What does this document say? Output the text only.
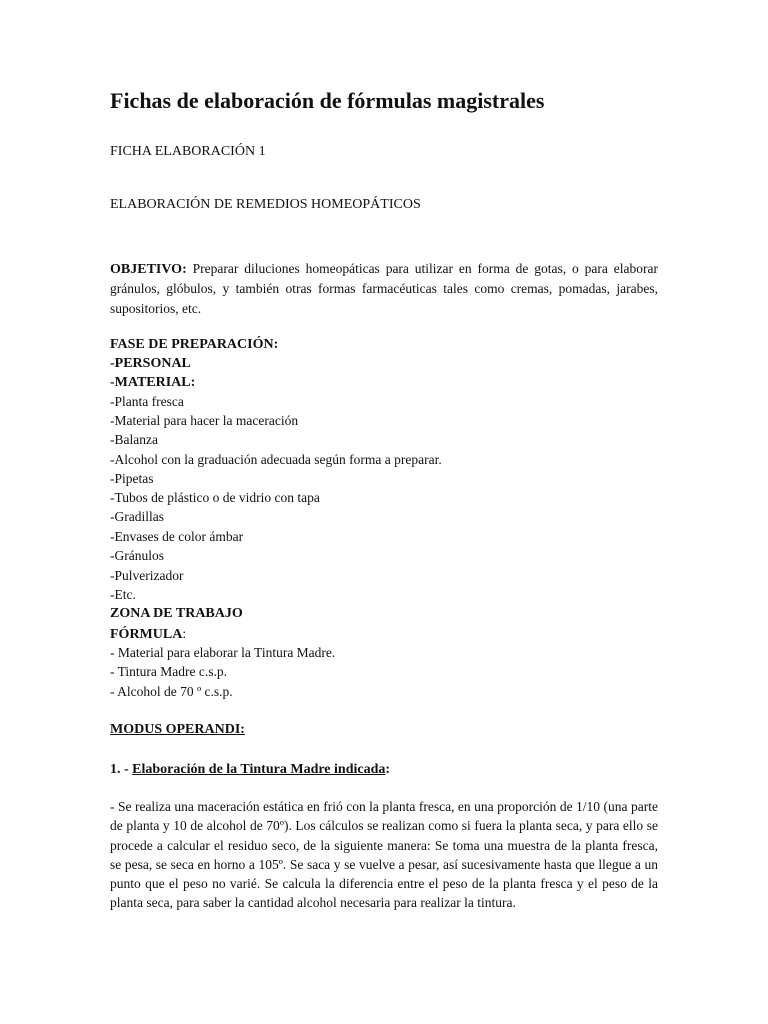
Fichas de elaboración de fórmulas magistrales

FICHA ELABORACIÓN 1

ELABORACIÓN DE REMEDIOS HOMEOPÁTICOS

OBJETIVO: Preparar diluciones homeopáticas para utilizar en forma de gotas, o para elaborar gránulos, glóbulos, y también otras formas farmacéuticas tales como cremas, pomadas, jarabes, supositorios, etc.

FASE DE PREPARACIÓN:

-PERSONAL

-MATERIAL:

-Planta fresca

-Material para hacer la maceración

-Balanza

-Alcohol con la graduación adecuada según forma a preparar.

-Pipetas

-Tubos de plástico o de vidrio con tapa

-Gradillas

-Envases de color ámbar

-Gránulos

-Pulverizador

-Etc.

ZONA DE TRABAJO

FÓRMULA:

- Material para elaborar la Tintura Madre.

- Tintura Madre c.s.p.

- Alcohol de 70 º c.s.p.

MODUS OPERANDI:

1. - Elaboración de la Tintura Madre indicada:

- Se realiza una maceración estática en frió con la planta fresca, en una proporción de 1/10 (una parte de planta y 10 de alcohol de 70º). Los cálculos se realizan como si fuera la planta seca, y para ello se procede a calcular el residuo seco, de la siguiente manera: Se toma una muestra de la planta fresca, se pesa, se seca en horno a 105º. Se saca y se vuelve a pesar, así sucesivamente hasta que llegue a un punto que el peso no varié. Se calcula la diferencia entre el peso de la planta fresca y el peso de la planta seca, para saber la cantidad alcohol necesaria para realizar la tintura.
